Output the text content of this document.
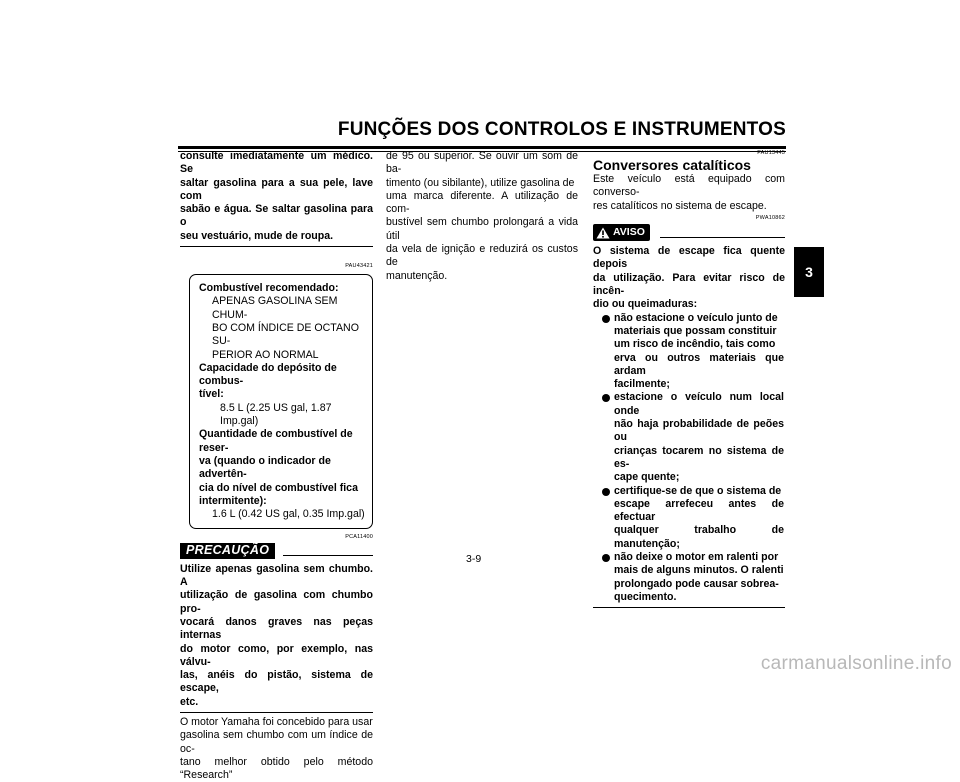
FUNÇÕES DOS CONTROLOS E INSTRUMENTOS
3
consulte imediatamente um médico. Se
saltar gasolina para a sua pele, lave com
sabão e água. Se saltar gasolina para o
seu vestuário, mude de roupa.
PAU43421
Combustível recomendado:
APENAS GASOLINA SEM CHUM-
BO COM ÍNDICE DE OCTANO SU-
PERIOR AO NORMAL
Capacidade do depósito de combus-
tível:
8.5 L (2.25 US gal, 1.87 Imp.gal)
Quantidade de combustível de reser-
va (quando o indicador de advertên-
cia do nível de combustível fica
intermitente):
1.6 L (0.42 US gal, 0.35 Imp.gal)
PCA11400
PRECAUÇÃO
Utilize apenas gasolina sem chumbo. A
utilização de gasolina com chumbo pro-
vocará danos graves nas peças internas
do motor como, por exemplo, nas válvu-
las, anéis do pistão, sistema de escape,
etc.
O motor Yamaha foi concebido para usar
gasolina sem chumbo com um índice de oc-
tano melhor obtido pelo método “Research”
de 95 ou superior. Se ouvir um som de ba-
timento (ou sibilante), utilize gasolina de
uma marca diferente. A utilização de com-
bustível sem chumbo prolongará a vida útil
da vela de ignição e reduzirá os custos de
manutenção.
PAU13445
Conversores catalíticos
Este veículo está equipado com converso-
res catalíticos no sistema de escape.
PWA10862
AVISO
O sistema de escape fica quente depois
da utilização. Para evitar risco de incên-
dio ou queimaduras:
não estacione o veículo junto de
materiais que possam constituir
um risco de incêndio, tais como
erva ou outros materiais que ardam
facilmente;
estacione o veículo num local onde
não haja probabilidade de peões ou
crianças tocarem no sistema de es-
cape quente;
certifique-se de que o sistema de
escape arrefeceu antes de efectuar
qualquer trabalho de manutenção;
não deixe o motor em ralenti por
mais de alguns minutos. O ralenti
prolongado pode causar sobrea-
quecimento.
3-9
carmanualsonline.info
